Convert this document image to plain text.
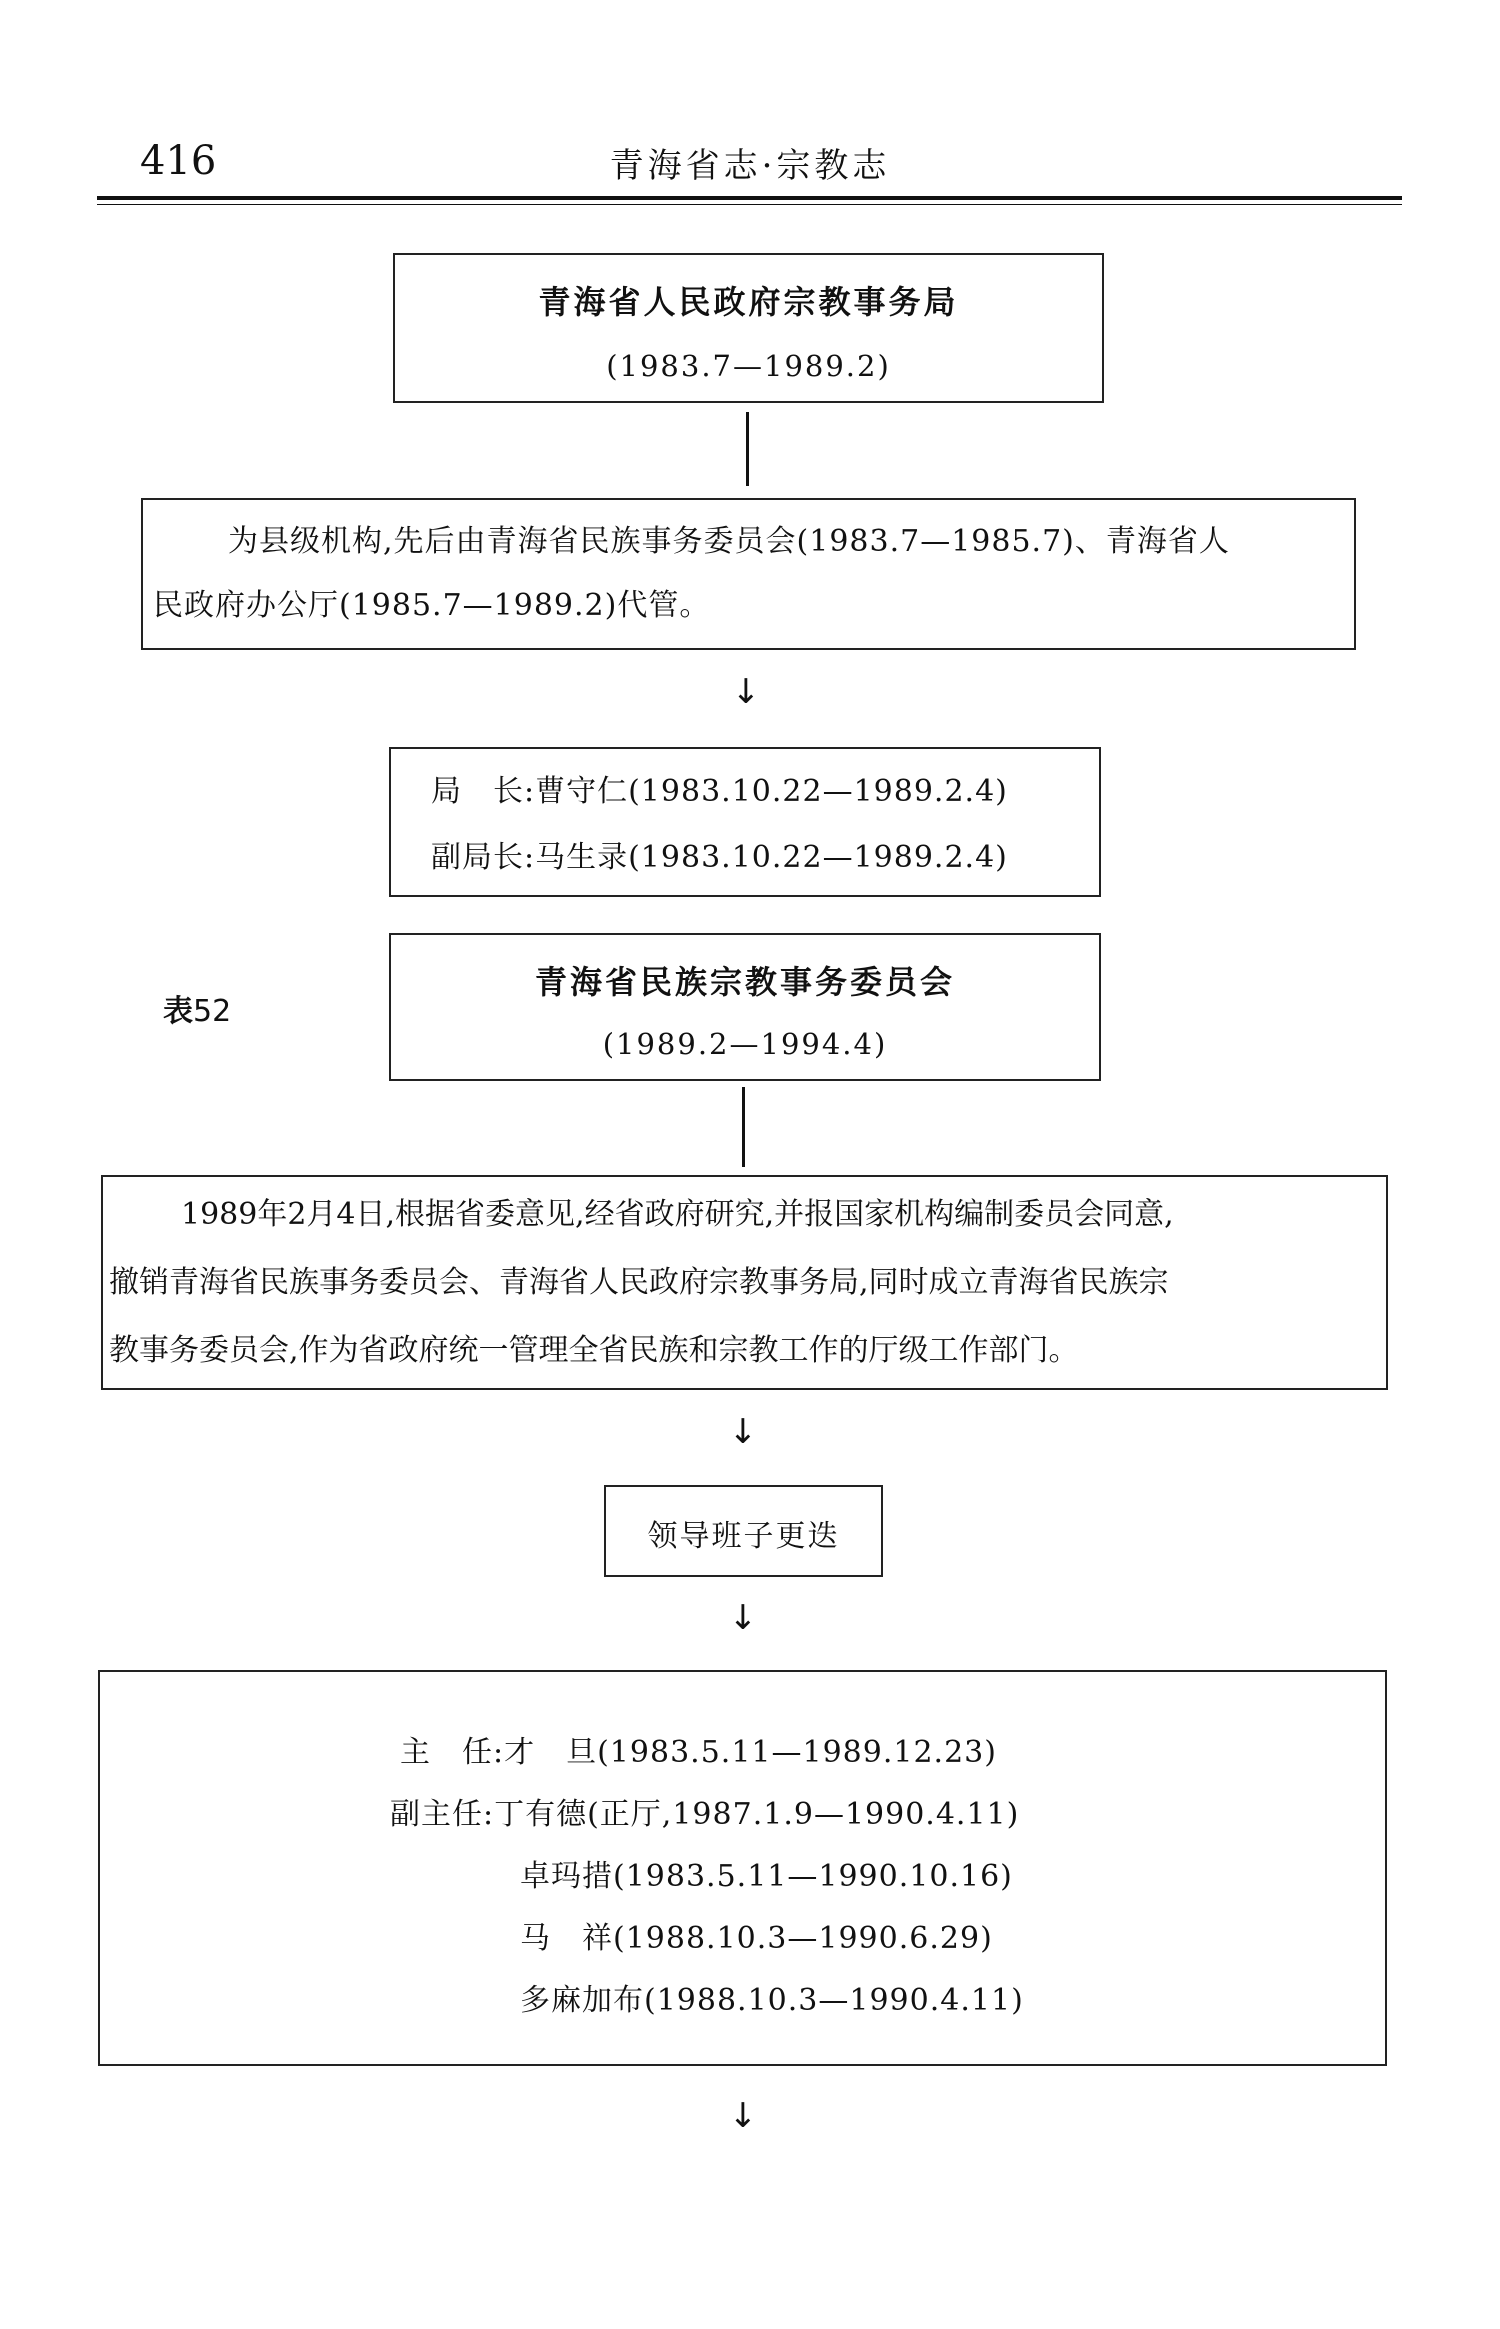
416	青海省志·宗教志
青海省人民政府宗教事务局
(1983.7—1989.2)
为县级机构,先后由青海省民族事务委员会(1983.7—1985.7)、青海省人
民政府办公厅(1985.7—1989.2)代管。
↓
局　长:曹守仁(1983.10.22—1989.2.4)
副局长:马生录(1983.10.22—1989.2.4)
表52
青海省民族宗教事务委员会
(1989.2—1994.4)
1989年2月4日,根据省委意见,经省政府研究,并报国家机构编制委员会同意,
撤销青海省民族事务委员会、青海省人民政府宗教事务局,同时成立青海省民族宗
教事务委员会,作为省政府统一管理全省民族和宗教工作的厅级工作部门。
↓
领导班子更迭
↓
主　任:才　旦(1983.5.11—1989.12.23)
副主任:丁有德(正厅,1987.1.9—1990.4.11)
卓玛措(1983.5.11—1990.10.16)
马　祥(1988.10.3—1990.6.29)
多麻加布(1988.10.3—1990.4.11)
↓
